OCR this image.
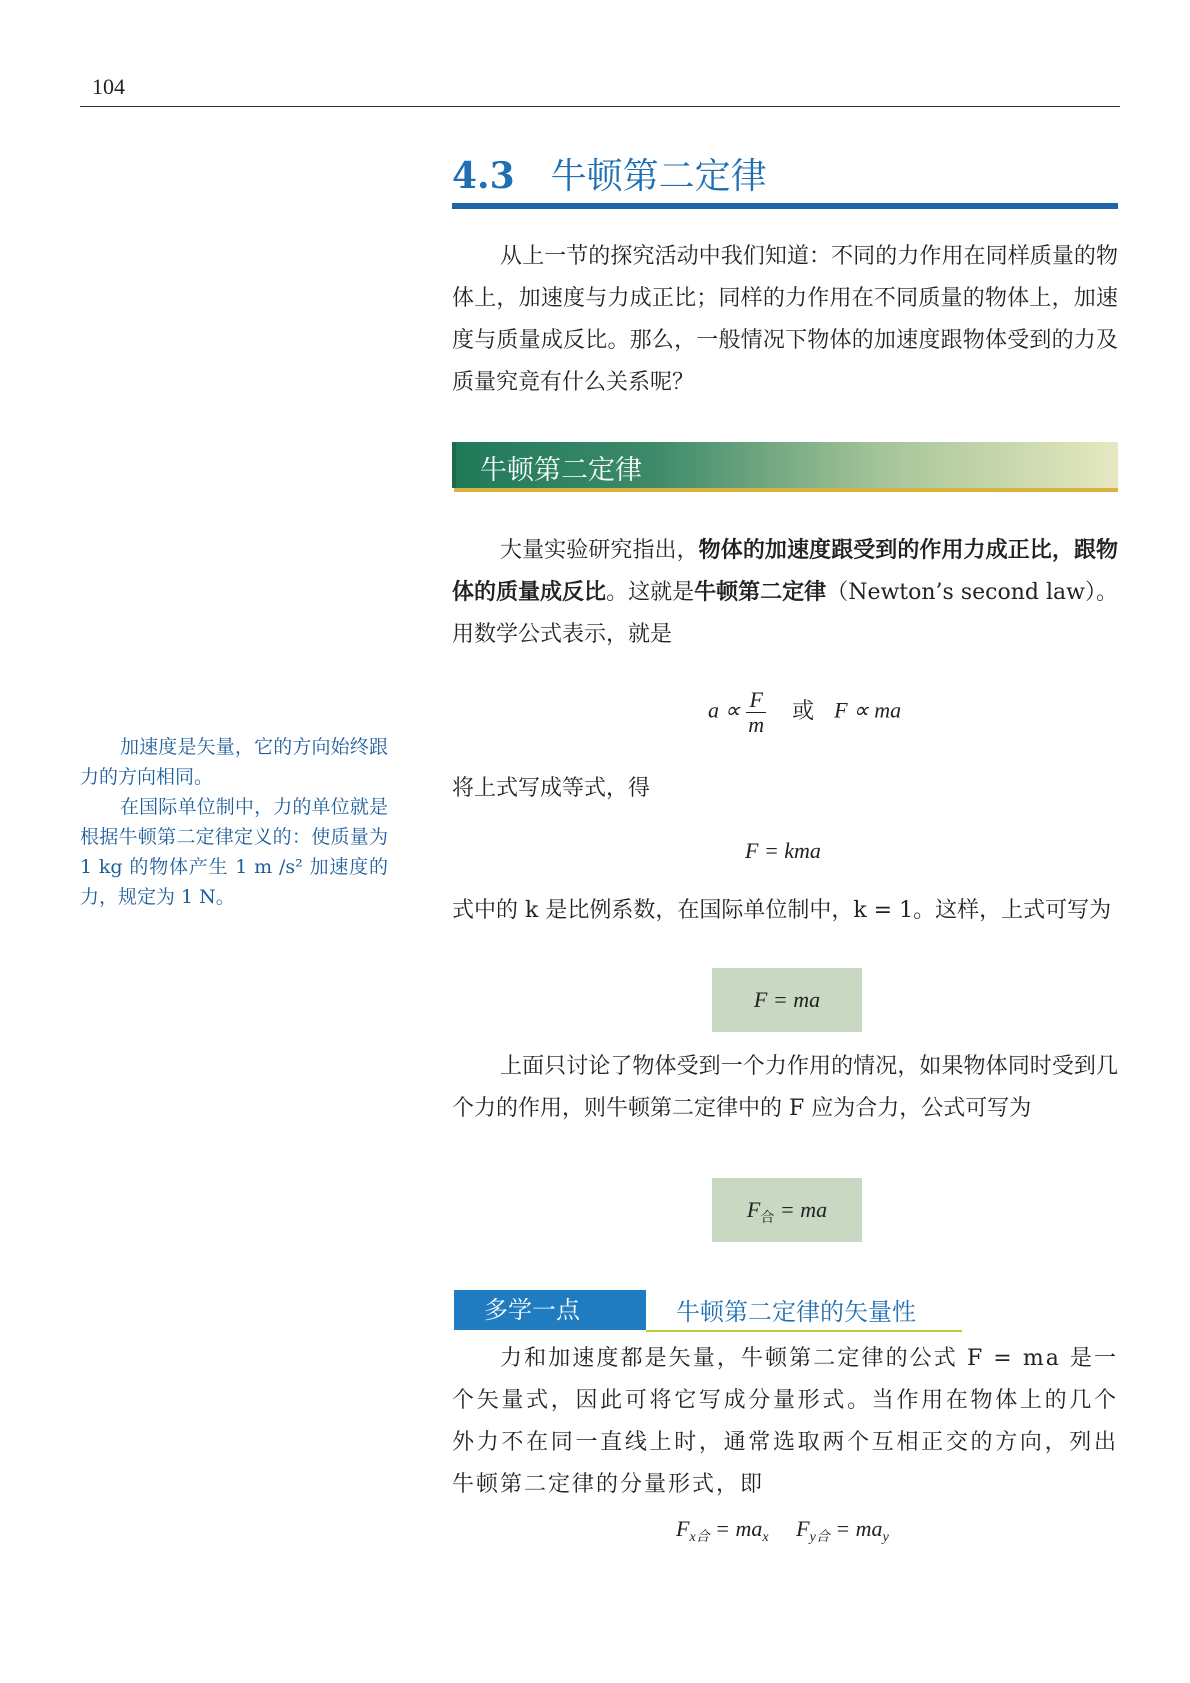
104
4.3 牛顿第二定律
从上一节的探究活动中我们知道：不同的力作用在同样质量的物体上，加速度与力成正比；同样的力作用在不同质量的物体上，加速度与质量成反比。那么，一般情况下物体的加速度跟物体受到的力及质量究竟有什么关系呢？
牛顿第二定律
大量实验研究指出，物体的加速度跟受到的作用力成正比，跟物体的质量成反比。这就是牛顿第二定律（Newton’s second law）。用数学公式表示，就是
$a \propto \frac{F}{m}$ 或 F ∝ ma
将上式写成等式，得
F = kma
式中的 k 是比例系数，在国际单位制中，k = 1。这样，上式可写为
F = ma
上面只讨论了物体受到一个力作用的情况，如果物体同时受到几个力的作用，则牛顿第二定律中的 F 应为合力，公式可写为
$F_合$ = ma
多学一点	牛顿第二定律的矢量性
力和加速度都是矢量，牛顿第二定律的公式 F = ma 是一个矢量式，因此可将它写成分量形式。当作用在物体上的几个外力不在同一直线上时，通常选取两个互相正交的方向，列出牛顿第二定律的分量形式，即
$F_{x合} = ma_x$ $F_{y合} = ma_y$

加速度是矢量，它的方向始终跟力的方向相同。

在国际单位制中，力的单位就是根据牛顿第二定律定义的：使质量为 1 kg 的物体产生 1 m /s² 加速度的力，规定为 1 N。
